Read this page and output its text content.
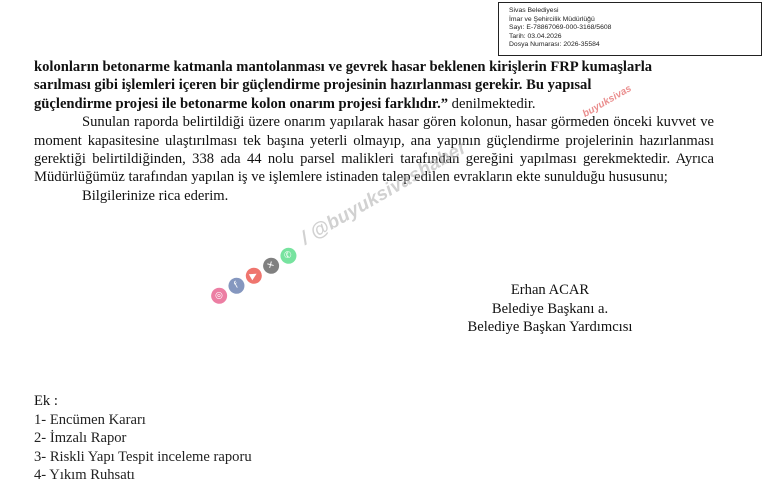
Sivas Belediyesi
İmar ve Şehircilik Müdürlüğü
Sayı: E-78867069-000-3168/5608
Tarih: 03.04.2026
Dosya Numarası: 2026-35584

kolonların betonarme katmanla mantolanması ve gevrek hasar beklenen kirişlerin FRP kumaşlarla
sarılması gibi işlemleri içeren bir güçlendirme projesinin hazırlanması gerekir. Bu yapısal
güçlendirme projesi ile betonarme kolon onarım projesi farklıdır.” denilmektedir.

Sunulan raporda belirtildiği üzere onarım yapılarak hasar gören kolonun, hasar görmeden önceki kuvvet ve moment kapasitesine ulaştırılması tek başına yeterli olmayıp, ana yapının güçlendirme projelerinin hazırlanması gerektiği belirtildiğinden, 338 ada 44 nolu parsel malikleri tarafından gereğini yapılması gerekmektedir. Ayrıca Müdürlüğümüz tarafından yapılan iş ve işlemlere istinaden talep edilen evrakların ekte sunulduğu hususunu;

Bilgilerinize rica ederim.

Erhan ACAR
Belediye Başkanı a.
Belediye Başkan Yardımcısı
Ek :
1- Encümen Kararı
2- İmzalı Rapor
3- Riskli Yapı Tespit inceleme raporu
4- Yıkım Ruhsatı
◎f▶✕✆
/ @buyuksivashaber
buyuksivas
